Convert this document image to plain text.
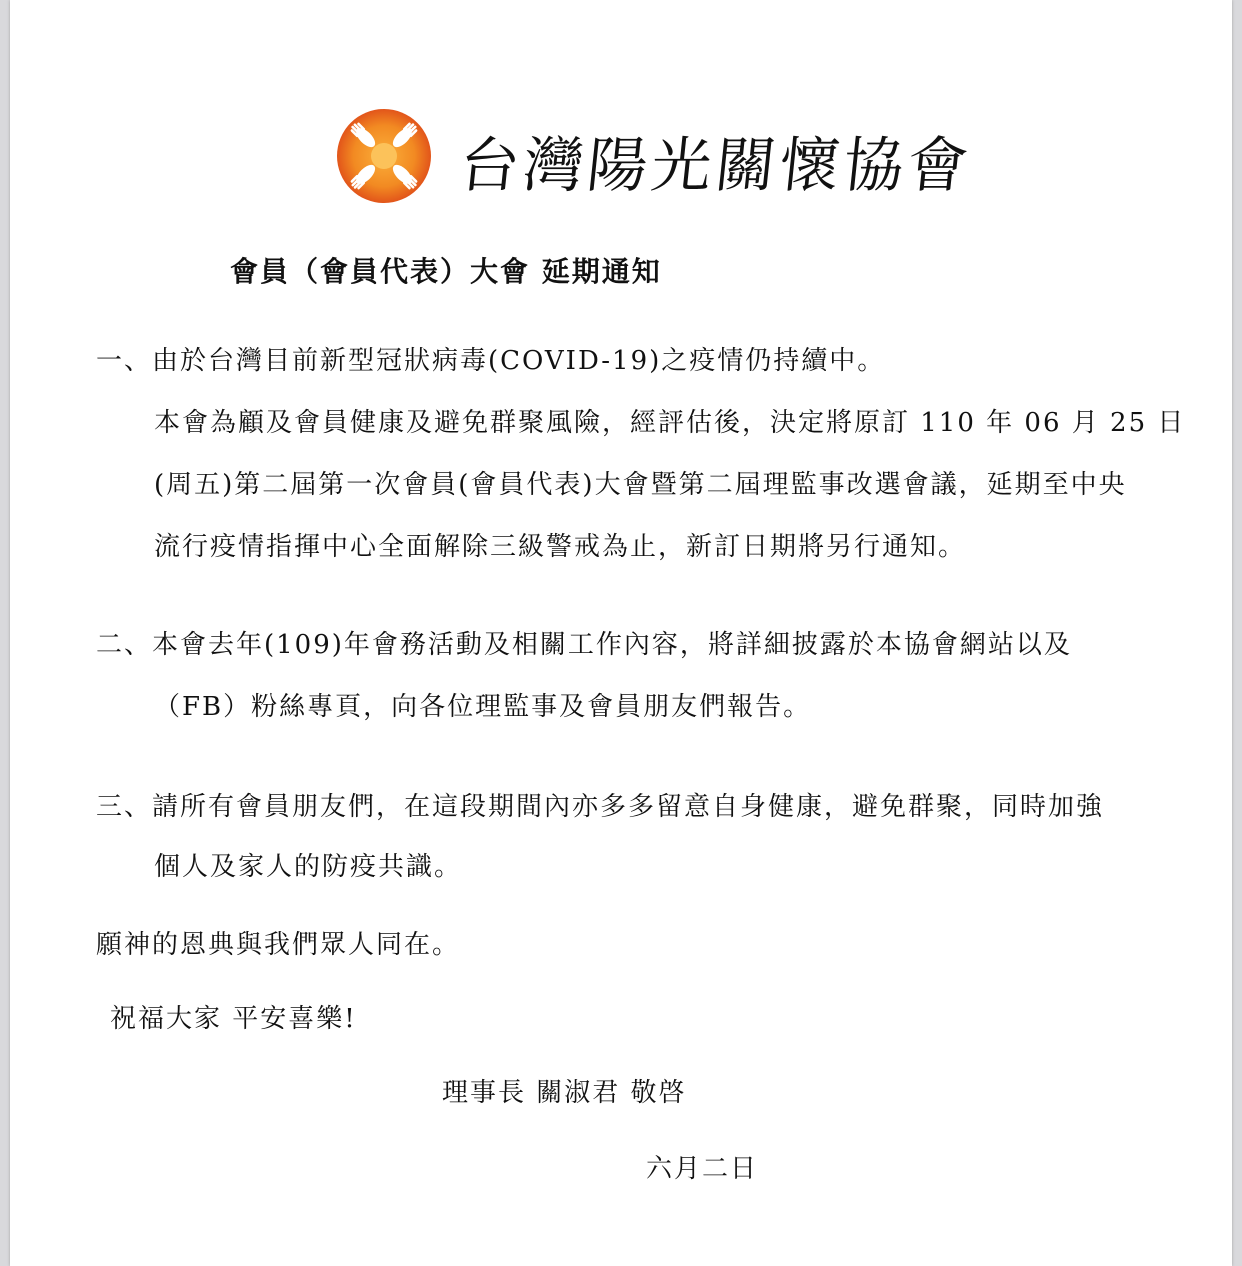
台灣陽光關懷協會
會員（會員代表）大會 延期通知
一、由於台灣目前新型冠狀病毒(COVID-19)之疫情仍持續中。
本會為顧及會員健康及避免群聚風險，經評估後，決定將原訂 110 年 06 月 25 日
(周五)第二屆第一次會員(會員代表)大會暨第二屆理監事改選會議，延期至中央
流行疫情指揮中心全面解除三級警戒為止，新訂日期將另行通知。
二、本會去年(109)年會務活動及相關工作內容，將詳細披露於本協會網站以及
（FB）粉絲專頁，向各位理監事及會員朋友們報告。
三、請所有會員朋友們，在這段期間內亦多多留意自身健康，避免群聚，同時加強
個人及家人的防疫共識。
願神的恩典與我們眾人同在。
祝福大家 平安喜樂!
理事長 關淑君 敬啓
六月二日
